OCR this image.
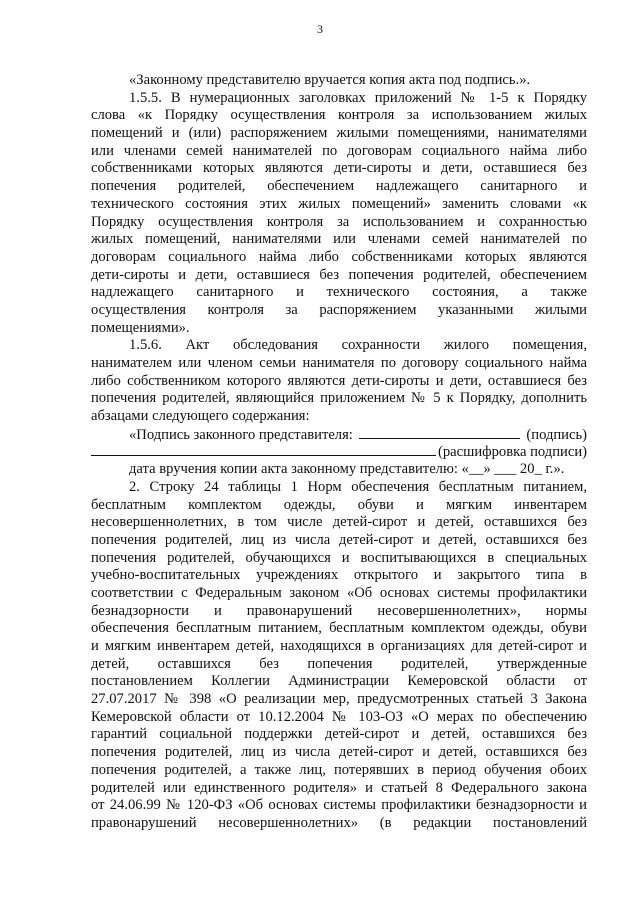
3
«Законному представителю вручается копия акта под подпись.».
1.5.5. В нумерационных заголовках приложений № 1-5 к Порядку
слова «к Порядку осуществления контроля за использованием жилых
помещений и (или) распоряжением жилыми помещениями, нанимателями
или членами семей нанимателей по договорам социального найма либо
собственниками которых являются дети-сироты и дети, оставшиеся без
попечения родителей, обеспечением надлежащего санитарного и
технического состояния этих жилых помещений» заменить словами «к
Порядку осуществления контроля за использованием и сохранностью
жилых помещений, нанимателями или членами семей нанимателей по
договорам социального найма либо собственниками которых являются
дети-сироты и дети, оставшиеся без попечения родителей, обеспечением
надлежащего санитарного и технического состояния, а также
осуществления контроля за распоряжением указанными жилыми
помещениями».
1.5.6. Акт обследования сохранности жилого помещения,
нанимателем или членом семьи нанимателя по договору социального найма
либо собственником которого являются дети-сироты и дети, оставшиеся без
попечения родителей, являющийся приложением № 5 к Порядку, дополнить
абзацами следующего содержания:
«Подпись законного представителя:	(подпись)
(расшифровка подписи)
дата вручения копии акта законному представителю: «__» ___ 20_ г.».
2. Строку 24 таблицы 1 Норм обеспечения бесплатным питанием,
бесплатным комплектом одежды, обуви и мягким инвентарем
несовершеннолетних, в том числе детей-сирот и детей, оставшихся без
попечения родителей, лиц из числа детей-сирот и детей, оставшихся без
попечения родителей, обучающихся и воспитывающихся в специальных
учебно-воспитательных учреждениях открытого и закрытого типа в
соответствии с Федеральным законом «Об основах системы профилактики
безнадзорности и правонарушений несовершеннолетних», нормы
обеспечения бесплатным питанием, бесплатным комплектом одежды, обуви
и мягким инвентарем детей, находящихся в организациях для детей-сирот и
детей, оставшихся без попечения родителей, утвержденные
постановлением Коллегии Администрации Кемеровской области от
27.07.2017 № 398 «О реализации мер, предусмотренных статьей 3 Закона
Кемеровской области от 10.12.2004 № 103-ОЗ «О мерах по обеспечению
гарантий социальной поддержки детей-сирот и детей, оставшихся без
попечения родителей, лиц из числа детей-сирот и детей, оставшихся без
попечения родителей, а также лиц, потерявших в период обучения обоих
родителей или единственного родителя» и статьей 8 Федерального закона
от 24.06.99 № 120-ФЗ «Об основах системы профилактики безнадзорности и
правонарушений несовершеннолетних» (в редакции постановлений
